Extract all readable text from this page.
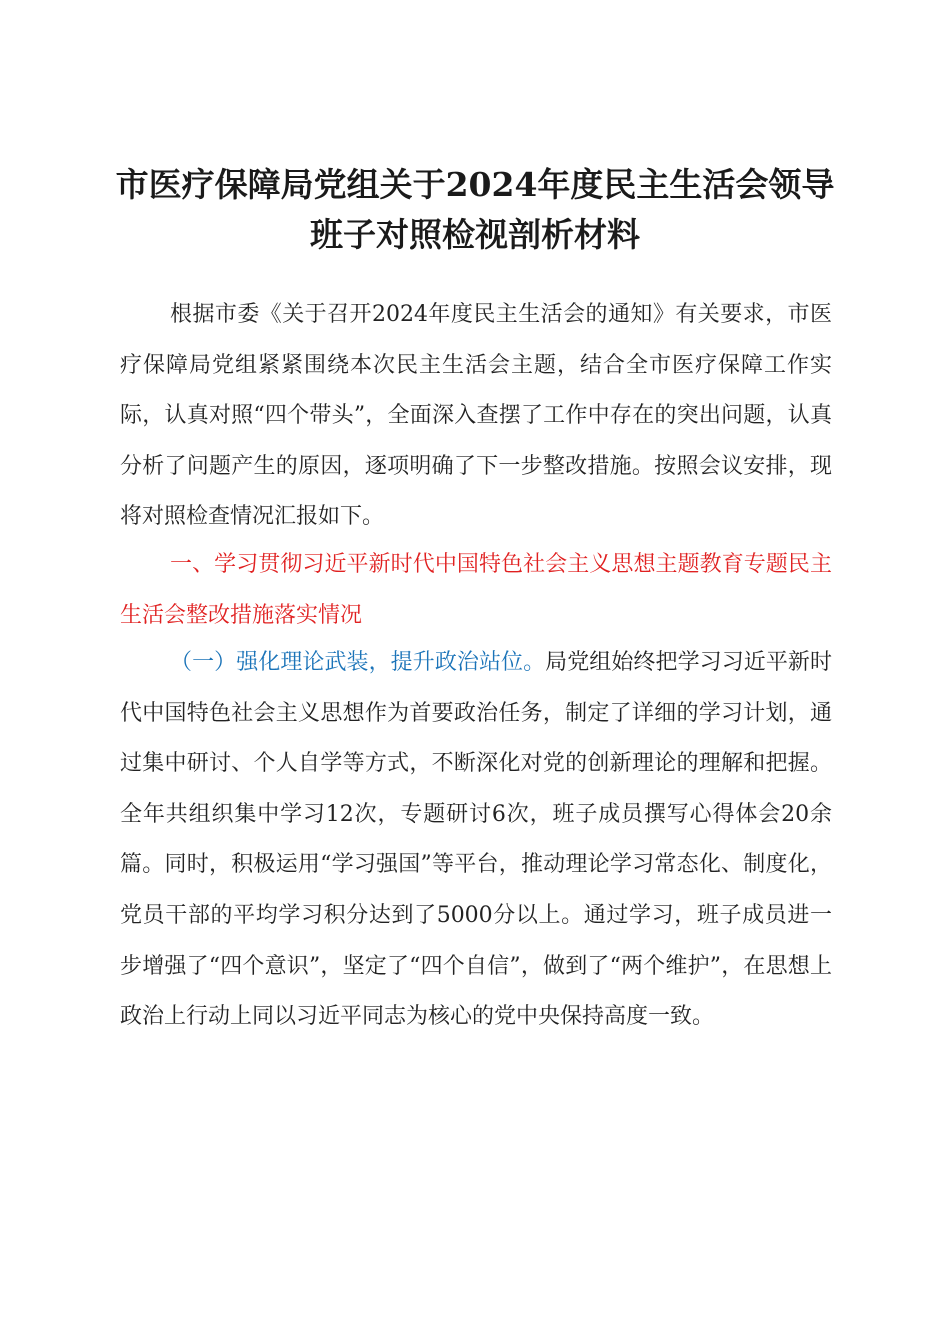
市医疗保障局党组关于2024年度民主生活会领导班子对照检视剖析材料

根据市委《关于召开2024年度民主生活会的通知》有关要求，市医疗保障局党组紧紧围绕本次民主生活会主题，结合全市医疗保障工作实际，认真对照“四个带头”，全面深入查摆了工作中存在的突出问题，认真分析了问题产生的原因，逐项明确了下一步整改措施。按照会议安排，现将对照检查情况汇报如下。

一、学习贯彻习近平新时代中国特色社会主义思想主题教育专题民主生活会整改措施落实情况

（一）强化理论武装，提升政治站位。局党组始终把学习习近平新时代中国特色社会主义思想作为首要政治任务，制定了详细的学习计划，通过集中研讨、个人自学等方式，不断深化对党的创新理论的理解和把握。全年共组织集中学习12次，专题研讨6次，班子成员撰写心得体会20余篇。同时，积极运用“学习强国”等平台，推动理论学习常态化、制度化，党员干部的平均学习积分达到了5000分以上。通过学习，班子成员进一步增强了“四个意识”，坚定了“四个自信”，做到了“两个维护”，在思想上政治上行动上同以习近平同志为核心的党中央保持高度一致。
